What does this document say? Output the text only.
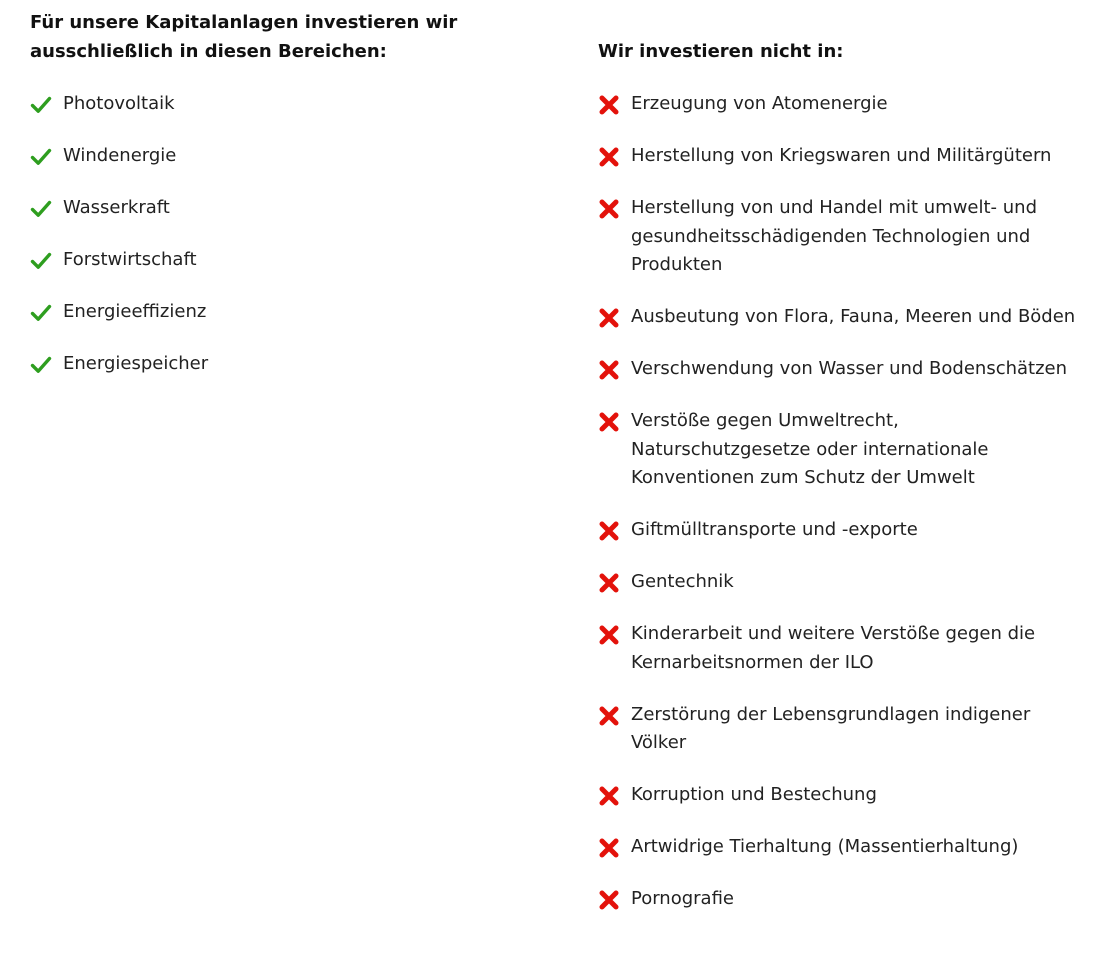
Für unsere Kapitalanlagen investieren wir
ausschließlich in diesen Bereichen:

Photovoltaik
Windenergie
Wasserkraft
Forstwirtschaft
Energieeffizienz
Energiespeicher

Wir investieren nicht in:

Erzeugung von Atomenergie
Herstellung von Kriegswaren und Militärgütern
Herstellung von und Handel mit umwelt- und gesundheitsschädigenden Technologien und Produkten
Ausbeutung von Flora, Fauna, Meeren und Böden
Verschwendung von Wasser und Bodenschätzen
Verstöße gegen Umweltrecht, Naturschutzgesetze oder internationale Konventionen zum Schutz der Umwelt
Giftmülltransporte und -exporte
Gentechnik
Kinderarbeit und weitere Verstöße gegen die Kernarbeitsnormen der ILO
Zerstörung der Lebensgrundlagen indigener Völker
Korruption und Bestechung
Artwidrige Tierhaltung (Massentierhaltung)
Pornografie
